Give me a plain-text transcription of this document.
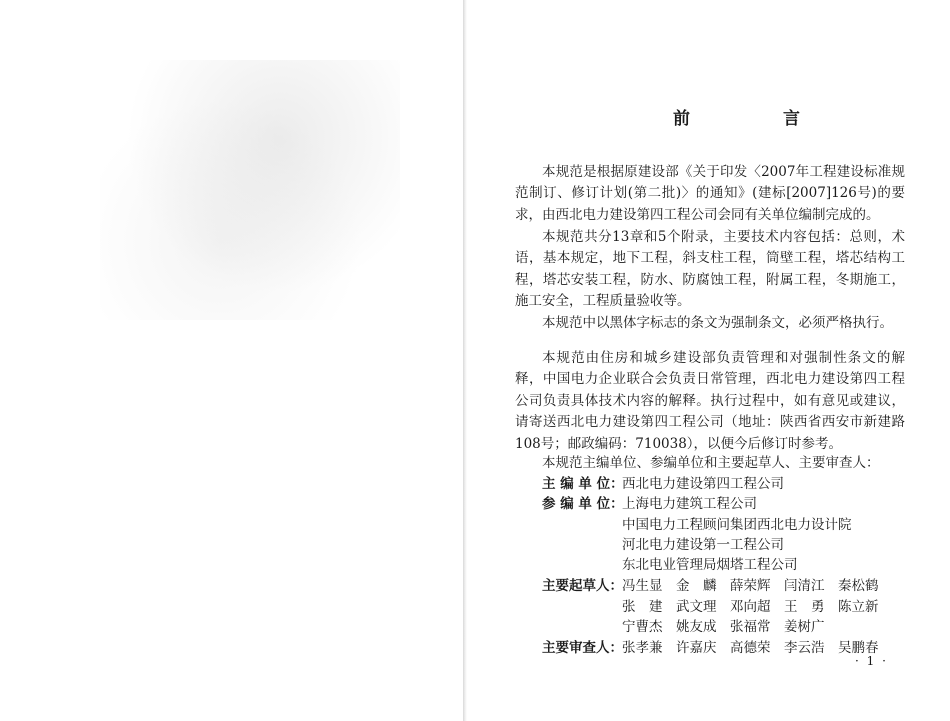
前　言

本规范是根据原建设部《关于印发〈2007年工程建设标准规范制订、修订计划(第二批)〉的通知》(建标[2007]126号)的要求，由西北电力建设第四工程公司会同有关单位编制完成的。

本规范共分13章和5个附录，主要技术内容包括：总则，术语，基本规定，地下工程，斜支柱工程，筒壁工程，塔芯结构工程，塔芯安装工程，防水、防腐蚀工程，附属工程，冬期施工，施工安全，工程质量验收等。

本规范中以黑体字标志的条文为强制条文，必须严格执行。

本规范由住房和城乡建设部负责管理和对强制性条文的解释，中国电力企业联合会负责日常管理，西北电力建设第四工程公司负责具体技术内容的解释。执行过程中，如有意见或建议，请寄送西北电力建设第四工程公司（地址：陕西省西安市新建路108号；邮政编码：710038），以便今后修订时参考。

本规范主编单位、参编单位和主要起草人、主要审查人：

主 编 单 位：
西北电力建设第四工程公司
参 编 单 位：
上海电力建筑工程公司
中国电力工程顾问集团西北电力设计院
河北电力建设第一工程公司
东北电业管理局烟塔工程公司
主要起草人： 冯生显 金　麟 薛荣辉 闫清江 秦松鹤
张　建 武文理 邓向超 王　勇 陈立新
宁曹杰 姚友成 张福常 姜树广
主要审查人： 张孝兼 许嘉庆 高德荣 李云浩 吴鹏春

· 1 ·
